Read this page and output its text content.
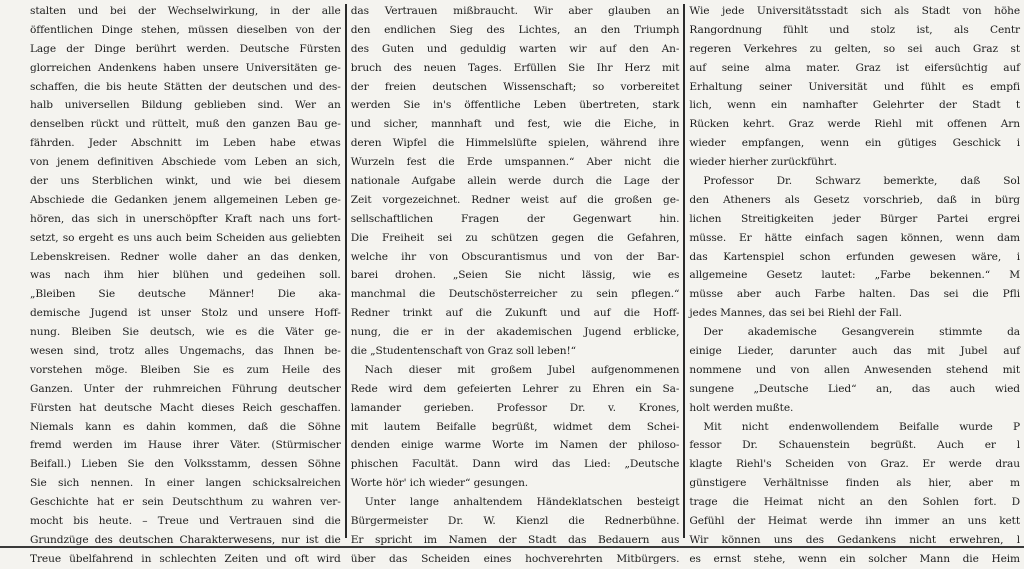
stalten und bei der Wechselwirkung, in der alle
öffentlichen Dinge stehen, müssen dieselben von der
Lage der Dinge berührt werden. Deutsche Fürsten
glorreichen Andenkens haben unsere Universitäten ge-
schaffen, die bis heute Stätten der deutschen und des-
halb universellen Bildung geblieben sind. Wer an
denselben rückt und rüttelt, muß den ganzen Bau ge-
fährden. Jeder Abschnitt im Leben habe etwas
von jenem definitiven Abschiede vom Leben an sich,
der uns Sterblichen winkt, und wie bei diesem
Abschiede die Gedanken jenem allgemeinen Leben ge-
hören, das sich in unerschöpfter Kraft nach uns fort-
setzt, so ergeht es uns auch beim Scheiden aus geliebten
Lebenskreisen. Redner wolle daher an das denken,
was nach ihm hier blühen und gedeihen soll.
„Bleiben Sie deutsche Männer! Die aka-
demische Jugend ist unser Stolz und unsere Hoff-
nung. Bleiben Sie deutsch, wie es die Väter ge-
wesen sind, trotz alles Ungemachs, das Ihnen be-
vorstehen möge. Bleiben Sie es zum Heile des
Ganzen. Unter der ruhmreichen Führung deutscher
Fürsten hat deutsche Macht dieses Reich geschaffen.
Niemals kann es dahin kommen, daß die Söhne
fremd werden im Hause ihrer Väter. (Stürmischer
Beifall.) Lieben Sie den Volksstamm, dessen Söhne
Sie sich nennen. In einer langen schicksalreichen
Geschichte hat er sein Deutschthum zu wahren ver-
mocht bis heute. – Treue und Vertrauen sind die
Grundzüge des deutschen Charakterwesens, nur ist die
Treue übelfahrend in schlechten Zeiten und oft wird
das Vertrauen mißbraucht. Wir aber glauben an
den endlichen Sieg des Lichtes, an den Triumph
des Guten und geduldig warten wir auf den An-
bruch des neuen Tages. Erfüllen Sie Ihr Herz mit
der freien deutschen Wissenschaft; so vorbereitet
werden Sie in's öffentliche Leben übertreten, stark
und sicher, mannhaft und fest, wie die Eiche, in
deren Wipfel die Himmelslüfte spielen, während ihre
Wurzeln fest die Erde umspannen.“ Aber nicht die
nationale Aufgabe allein werde durch die Lage der
Zeit vorgezeichnet. Redner weist auf die großen ge-
sellschaftlichen Fragen der Gegenwart hin.
Die Freiheit sei zu schützen gegen die Gefahren,
welche ihr von Obscurantismus und von der Bar-
barei drohen. „Seien Sie nicht lässig, wie es
manchmal die Deutschösterreicher zu sein pflegen.“
Redner trinkt auf die Zukunft und auf die Hoff-
nung, die er in der akademischen Jugend erblicke,
die „Studentenschaft von Graz soll leben!“
Nach dieser mit großem Jubel aufgenommenen
Rede wird dem gefeierten Lehrer zu Ehren ein Sa-
lamander gerieben. Professor Dr. v. Krones,
mit lautem Beifalle begrüßt, widmet dem Schei-
denden einige warme Worte im Namen der philoso-
phischen Facultät. Dann wird das Lied: „Deutsche
Worte hör' ich wieder“ gesungen.
Unter lange anhaltendem Händeklatschen besteigt
Bürgermeister Dr. W. Kienzl die Rednerbühne.
Er spricht im Namen der Stadt das Bedauern aus
über das Scheiden eines hochverehrten Mitbürgers.
Wie jede Universitätsstadt sich als Stadt von höhe
Rangordnung fühlt und stolz ist, als Centr
regeren Verkehres zu gelten, so sei auch Graz st
auf seine alma mater. Graz ist eifersüchtig auf
Erhaltung seiner Universität und fühlt es empfi
lich, wenn ein namhafter Gelehrter der Stadt t
Rücken kehrt. Graz werde Riehl mit offenen Arn
wieder empfangen, wenn ein gütiges Geschick i
wieder hierher zurückführt.
Professor Dr. Schwarz bemerkte, daß Sol
den Atheners als Gesetz vorschrieb, daß in bürg
lichen Streitigkeiten jeder Bürger Partei ergrei
müsse. Er hätte einfach sagen können, wenn dam
das Kartenspiel schon erfunden gewesen wäre, i
allgemeine Gesetz lautet: „Farbe bekennen.“ M
müsse aber auch Farbe halten. Das sei die Pfli
jedes Mannes, das sei bei Riehl der Fall.
Der akademische Gesangverein stimmte da
einige Lieder, darunter auch das mit Jubel auf
nommene und von allen Anwesenden stehend mit
sungene „Deutsche Lied“ an, das auch wied
holt werden mußte.
Mit nicht endenwollendem Beifalle wurde P
fessor Dr. Schauenstein begrüßt. Auch er l
klagte Riehl's Scheiden von Graz. Er werde drau
günstigere Verhältnisse finden als hier, aber m
trage die Heimat nicht an den Sohlen fort. D
Gefühl der Heimat werde ihn immer an uns kett
Wir können uns des Gedankens nicht erwehren, l
es ernst stehe, wenn ein solcher Mann die Heim
